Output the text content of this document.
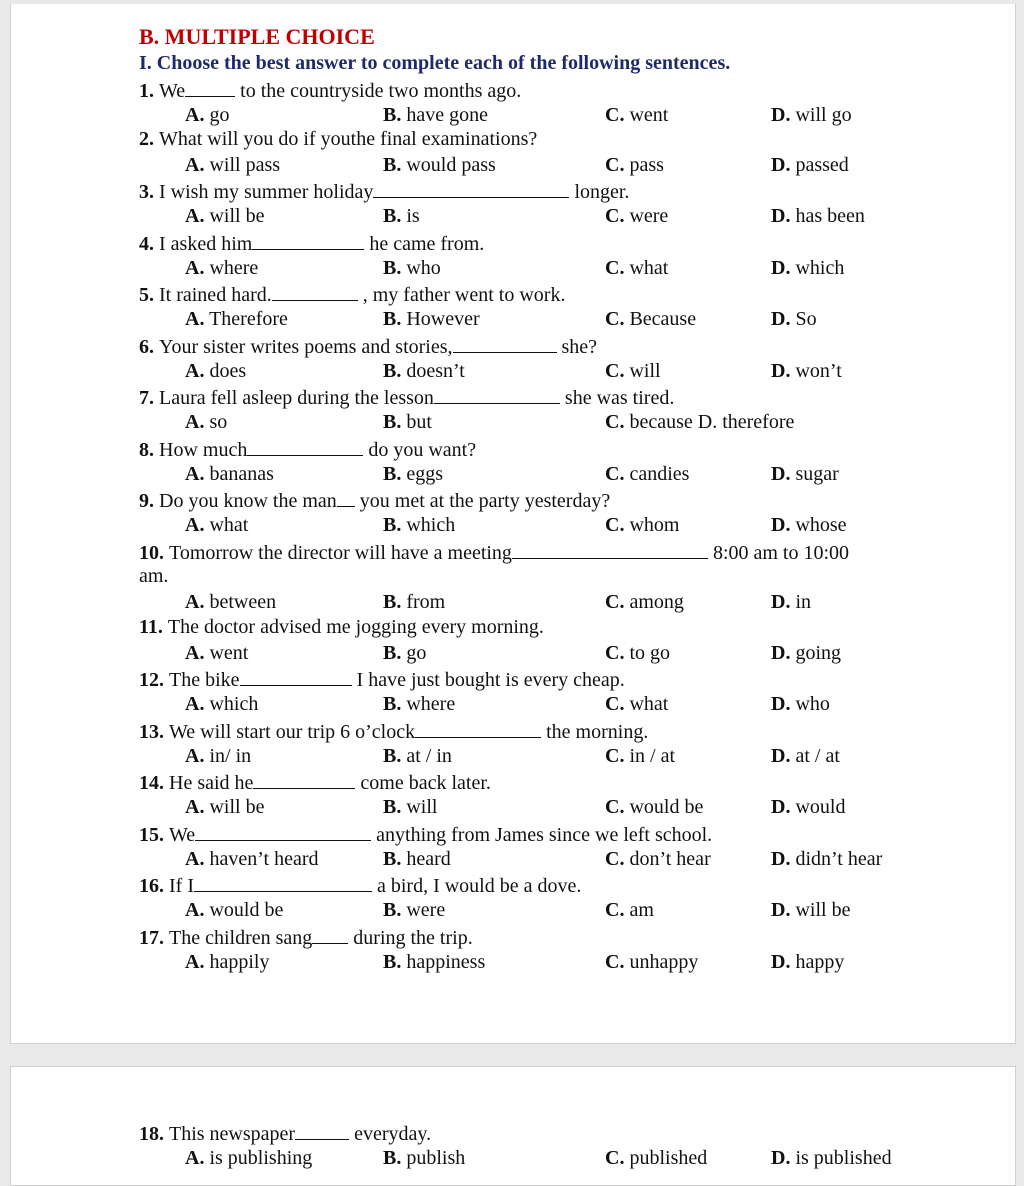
B. MULTIPLE CHOICE
I. Choose the best answer to complete each of the following sentences.
1. We	to the countryside two months ago.
A. go	B. have gone	C. went	D. will go
2. What will you do if youthe final examinations?
A. will pass	B. would pass	C. pass	D. passed
3. I wish my summer holiday	longer.
A. will be	B. is	C. were	D. has been
4. I asked him	he came from.
A. where	B. who	C. what	D. which
5. It rained hard.	, my father went to work.
A. Therefore	B. However	C. Because	D. So
6. Your sister writes poems and stories,	she?
A. does	B. doesn’t	C. will	D. won’t
7. Laura fell asleep during the lesson	she was tired.
A. so	B. but	C. because D. therefore
8. How much	do you want?
A. bananas	B. eggs	C. candies	D. sugar
9. Do you know the man you met at the party yesterday?
A. what	B. which	C. whom	D. whose
10. Tomorrow the director will have a meeting	8:00 am to 10:00
am.
A. between	B. from	C. among	D. in
11. The doctor advised me jogging every morning.
A. went	B. go	C. to go	D. going
12. The bike	I have just bought is every cheap.
A. which	B. where	C. what	D. who
13. We will start our trip 6 o’clock	the morning.
A. in/ in	B. at / in	C. in / at	D. at / at
14. He said he	come back later.
A. will be	B. will	C. would be	D. would
15. We	anything from James since we left school.
A. haven’t heard	B. heard	C. don’t hear	D. didn’t hear
16. If I	a bird, I would be a dove.
A. would be	B. were	C. am	D. will be
17. The children sang during the trip.
A. happily	B. happiness	C. unhappy	D. happy
18. This newspaper	everyday.
A. is publishing	B. publish	C. published	D. is published
